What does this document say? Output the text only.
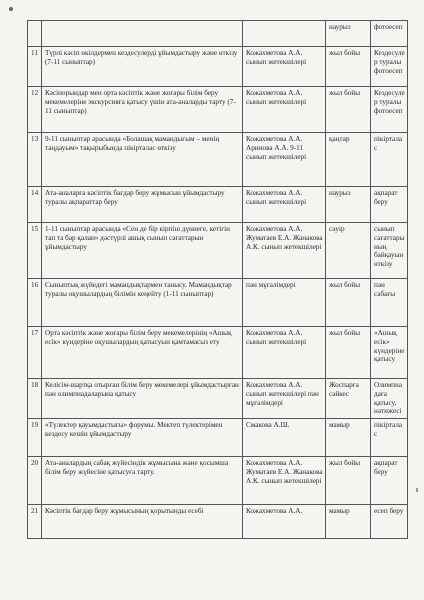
			наурыз	фотоесеп
11	Түрлі кәсіп өкілдермен кездесулерді ұйымдастыру және өткізу (7-11 сыныптар)	Кожахметова А.А. сынып жетекшілері	жыл бойы	Кездесулер туралы фотоесеп
12	Кәсіпорындар мен орта кәсіптік және жоғары білім беру мекемелеріне экскурсияға қатысу үшін ата-аналарды тарту (7-11 сыныптар)	Кожахметова А.А. сынып жетекшілері	жыл бойы	Кездесулер туралы фотоесеп
13	9-11 сыныптар арасында «Болашақ мамандығым – менің таңдауым» тақырыбында пікірталас өткізу	Кожахметова А.А. Аринова А.А. 9-11 сынып жетекшілері	қаңтар	пікірталас
14	Ата-аналарға кәсіптік бағдар беру жұмысын ұйымдастыру туралы ақпараттар беру	Кожахметова А.А. сынып жетекшілері	наурыз	ақпарат беру
15	1-11 сыныптар арасында «Сен де бір кірпіш дүниеге, кетігін тап та бар қалан» дәстүрлі ашық сынып сағаттарын ұйымдастыру	Кожахметова А.А. Жуматаев Е.А. Жанакова А.К. сынып жетекшілері	сәуір	сынып сағаттарының байқауын өткізу
16	Сыныптық жүйедегі мамандықтармен танысу. Мамандықтар туралы оқушылардың білімін кеңейту (1-11 сыныптар)	пән мұғалімдері	жыл бойы	пән сабағы
17	Орта кәсіптік және жоғары білім беру мекемелерінің «Ашық есік» күндеріне оқушылардың қатысуын қамтамасыз ету	Кожахметова А.А. сынып жетекшілері	жыл бойы	«Ашық есік» күндеріне қатысу
18	Келісім-шартқа отырған білім беру мекемелері ұйымдастырған пән олимпиадаларына қатысу	Кожахметова А.А. сынып жетекшілері пән мұғалімдері	Жоспарға сәйкес	Олимпиадаға қатысу, нәтижесі
19	«Түлектер қауымдастығы» форумы. Мектеп түлектерімен кездесу кешін ұйымдастыру	Смакова А.Ш.	мамыр	пікірталас
20	Ата-аналардың сабақ жүйесіндік жұмысына және қосымша білім беру жүйесіне қатысуға тарту.	Кожахметова А.А. Жуматаев Е.А. Жанакова А.К. сынып жетекшілері	жыл бойы	ақпарат беру
21	Кәсіптік бағдар беру жұмысының қорытынды есебі	Кожахметова А.А.	мамыр	есеп беру
